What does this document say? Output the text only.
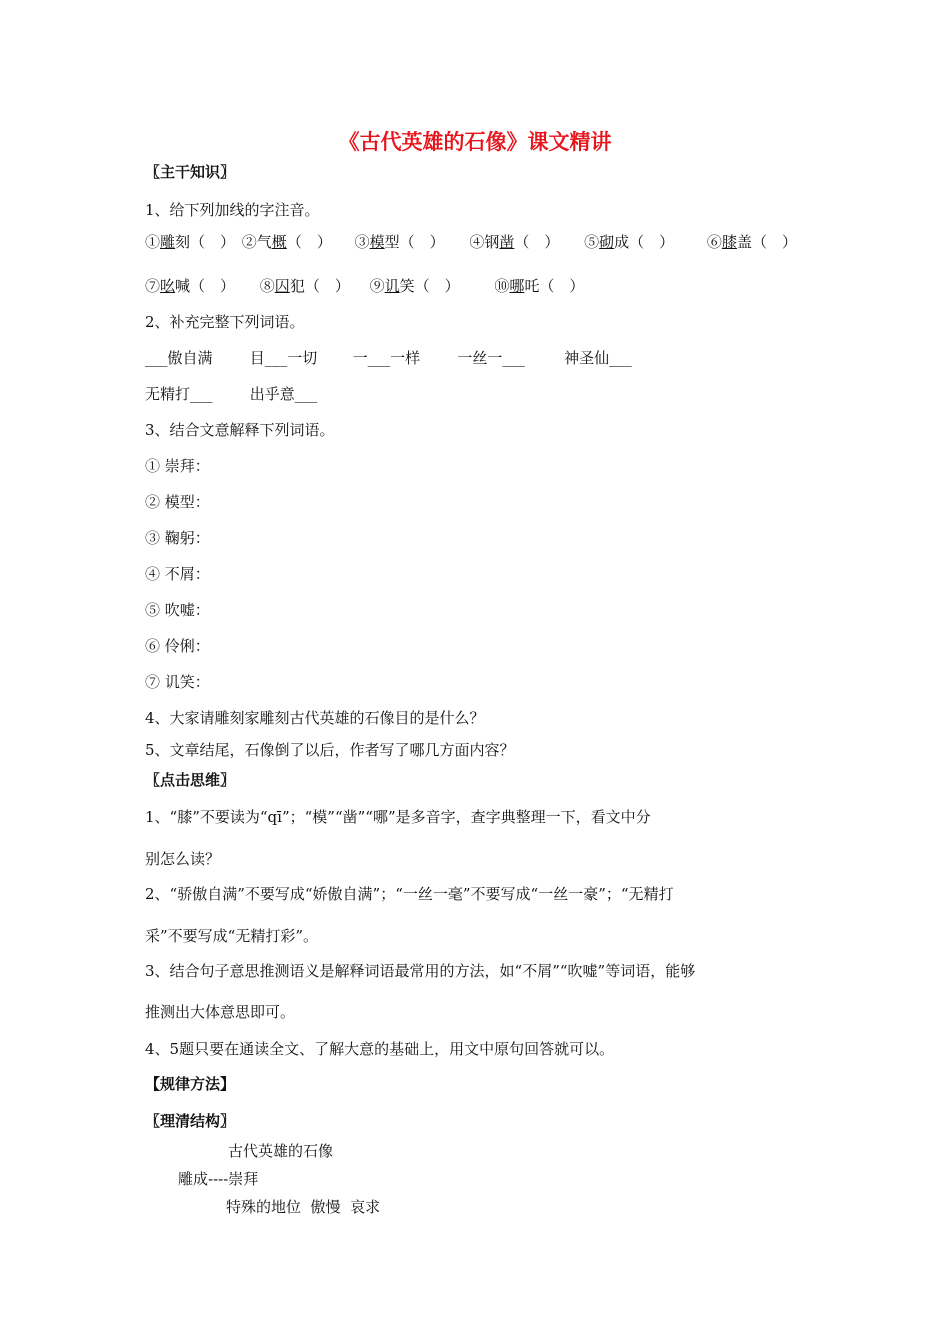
《古代英雄的石像》课文精讲
〖主干知识〗
1、给下列加线的字注音。
①雕刻（　） ②气概（　） ③模型（　） ④钢凿（　） ⑤砌成（　） ⑥膝盖（　）
⑦吆喊（　） ⑧囚犯（　） ⑨讥笑（　） ⑩哪吒（　）
2、补充完整下列词语。
___傲自满 目___一切 一___一样 一丝一___	神圣仙___
无精打___ 出乎意___
3、结合文意解释下列词语。
① 崇拜：
② 模型：
③ 鞠躬：
④ 不屑：
⑤ 吹嘘：
⑥ 伶俐：
⑦ 讥笑：
4、大家请雕刻家雕刻古代英雄的石像目的是什么？
5、文章结尾，石像倒了以后，作者写了哪几方面内容？
〖点击思维〗
1、“膝”不要读为“qī”；“模”“凿”“哪”是多音字，查字典整理一下，看文中分
别怎么读？
2、“骄傲自满”不要写成“娇傲自满”；“一丝一毫”不要写成“一丝一豪”；“无精打
采”不要写成“无精打彩”。
3、结合句子意思推测语义是解释词语最常用的方法，如“不屑”“吹嘘”等词语，能够
推测出大体意思即可。
4、5题只要在通读全文、了解大意的基础上，用文中原句回答就可以。
【规律方法】
〖理清结构〗
古代英雄的石像
雕成----崇拜
特殊的地位  傲慢  哀求
